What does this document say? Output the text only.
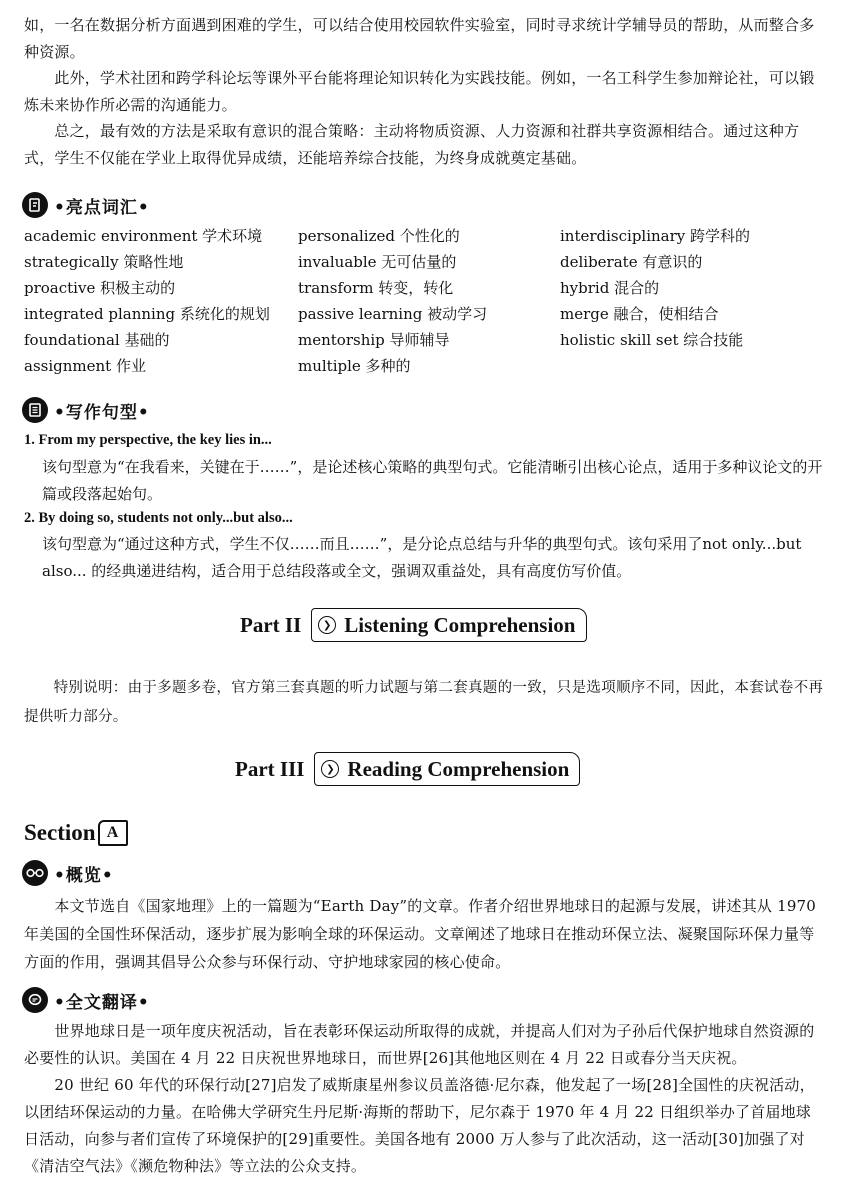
如，一名在数据分析方面遇到困难的学生，可以结合使用校园软件实验室，同时寻求统计学辅导员的帮助，从而整合多种资源。

　　此外，学术社团和跨学科论坛等课外平台能将理论知识转化为实践技能。例如，一名工科学生参加辩论社，可以锻炼未来协作所必需的沟通能力。

　　总之，最有效的方法是采取有意识的混合策略：主动将物质资源、人力资源和社群共享资源相结合。通过这种方式，学生不仅能在学业上取得优异成绩，还能培养综合技能，为终身成就奠定基础。

•亮点词汇•
academic environment 学术环境
strategically 策略性地
proactive 积极主动的
integrated planning 系统化的规划
foundational 基础的
assignment 作业
personalized 个性化的
invaluable 无可估量的
transform 转变，转化
passive learning 被动学习
mentorship 导师辅导
multiple 多种的
interdisciplinary 跨学科的
deliberate 有意识的
hybrid 混合的
merge 融合，使相结合
holistic skill set 综合技能
•写作句型•
1. From my perspective, the key lies in...

该句型意为“在我看来，关键在于……”，是论述核心策略的典型句式。它能清晰引出核心论点，适用于多种议论文的开篇或段落起始句。

2. By doing so, students not only...but also...

该句型意为“通过这种方式，学生不仅……而且……”，是分论点总结与升华的典型句式。该句采用了not only...but also... 的经典递进结构，适合用于总结段落或全文，强调双重益处，具有高度仿写价值。

Part II	❯ Listening Comprehension

　　特别说明：由于多题多卷，官方第三套真题的听力试题与第二套真题的一致，只是选项顺序不同，因此，本套试卷不再提供听力部分。

Part III	❯ Reading Comprehension
Section A
•概览•

　　本文节选自《国家地理》上的一篇题为“Earth Day”的文章。作者介绍世界地球日的起源与发展，讲述其从 1970 年美国的全国性环保活动，逐步扩展为影响全球的环保运动。文章阐述了地球日在推动环保立法、凝聚国际环保力量等方面的作用，强调其倡导公众参与环保行动、守护地球家园的核心使命。

•全文翻译•

　　世界地球日是一项年度庆祝活动，旨在表彰环保运动所取得的成就，并提高人们对为子孙后代保护地球自然资源的必要性的认识。美国在 4 月 22 日庆祝世界地球日，而世界[26]其他地区则在 4 月 22 日或春分当天庆祝。

　　20 世纪 60 年代的环保行动[27]启发了威斯康星州参议员盖洛德·尼尔森，他发起了一场[28]全国性的庆祝活动，以团结环保运动的力量。在哈佛大学研究生丹尼斯·海斯的帮助下，尼尔森于 1970 年 4 月 22 日组织举办了首届地球日活动，向参与者们宣传了环境保护的[29]重要性。美国各地有 2000 万人参与了此次活动，这一活动[30]加强了对《清洁空气法》《濒危物种法》等立法的公众支持。
